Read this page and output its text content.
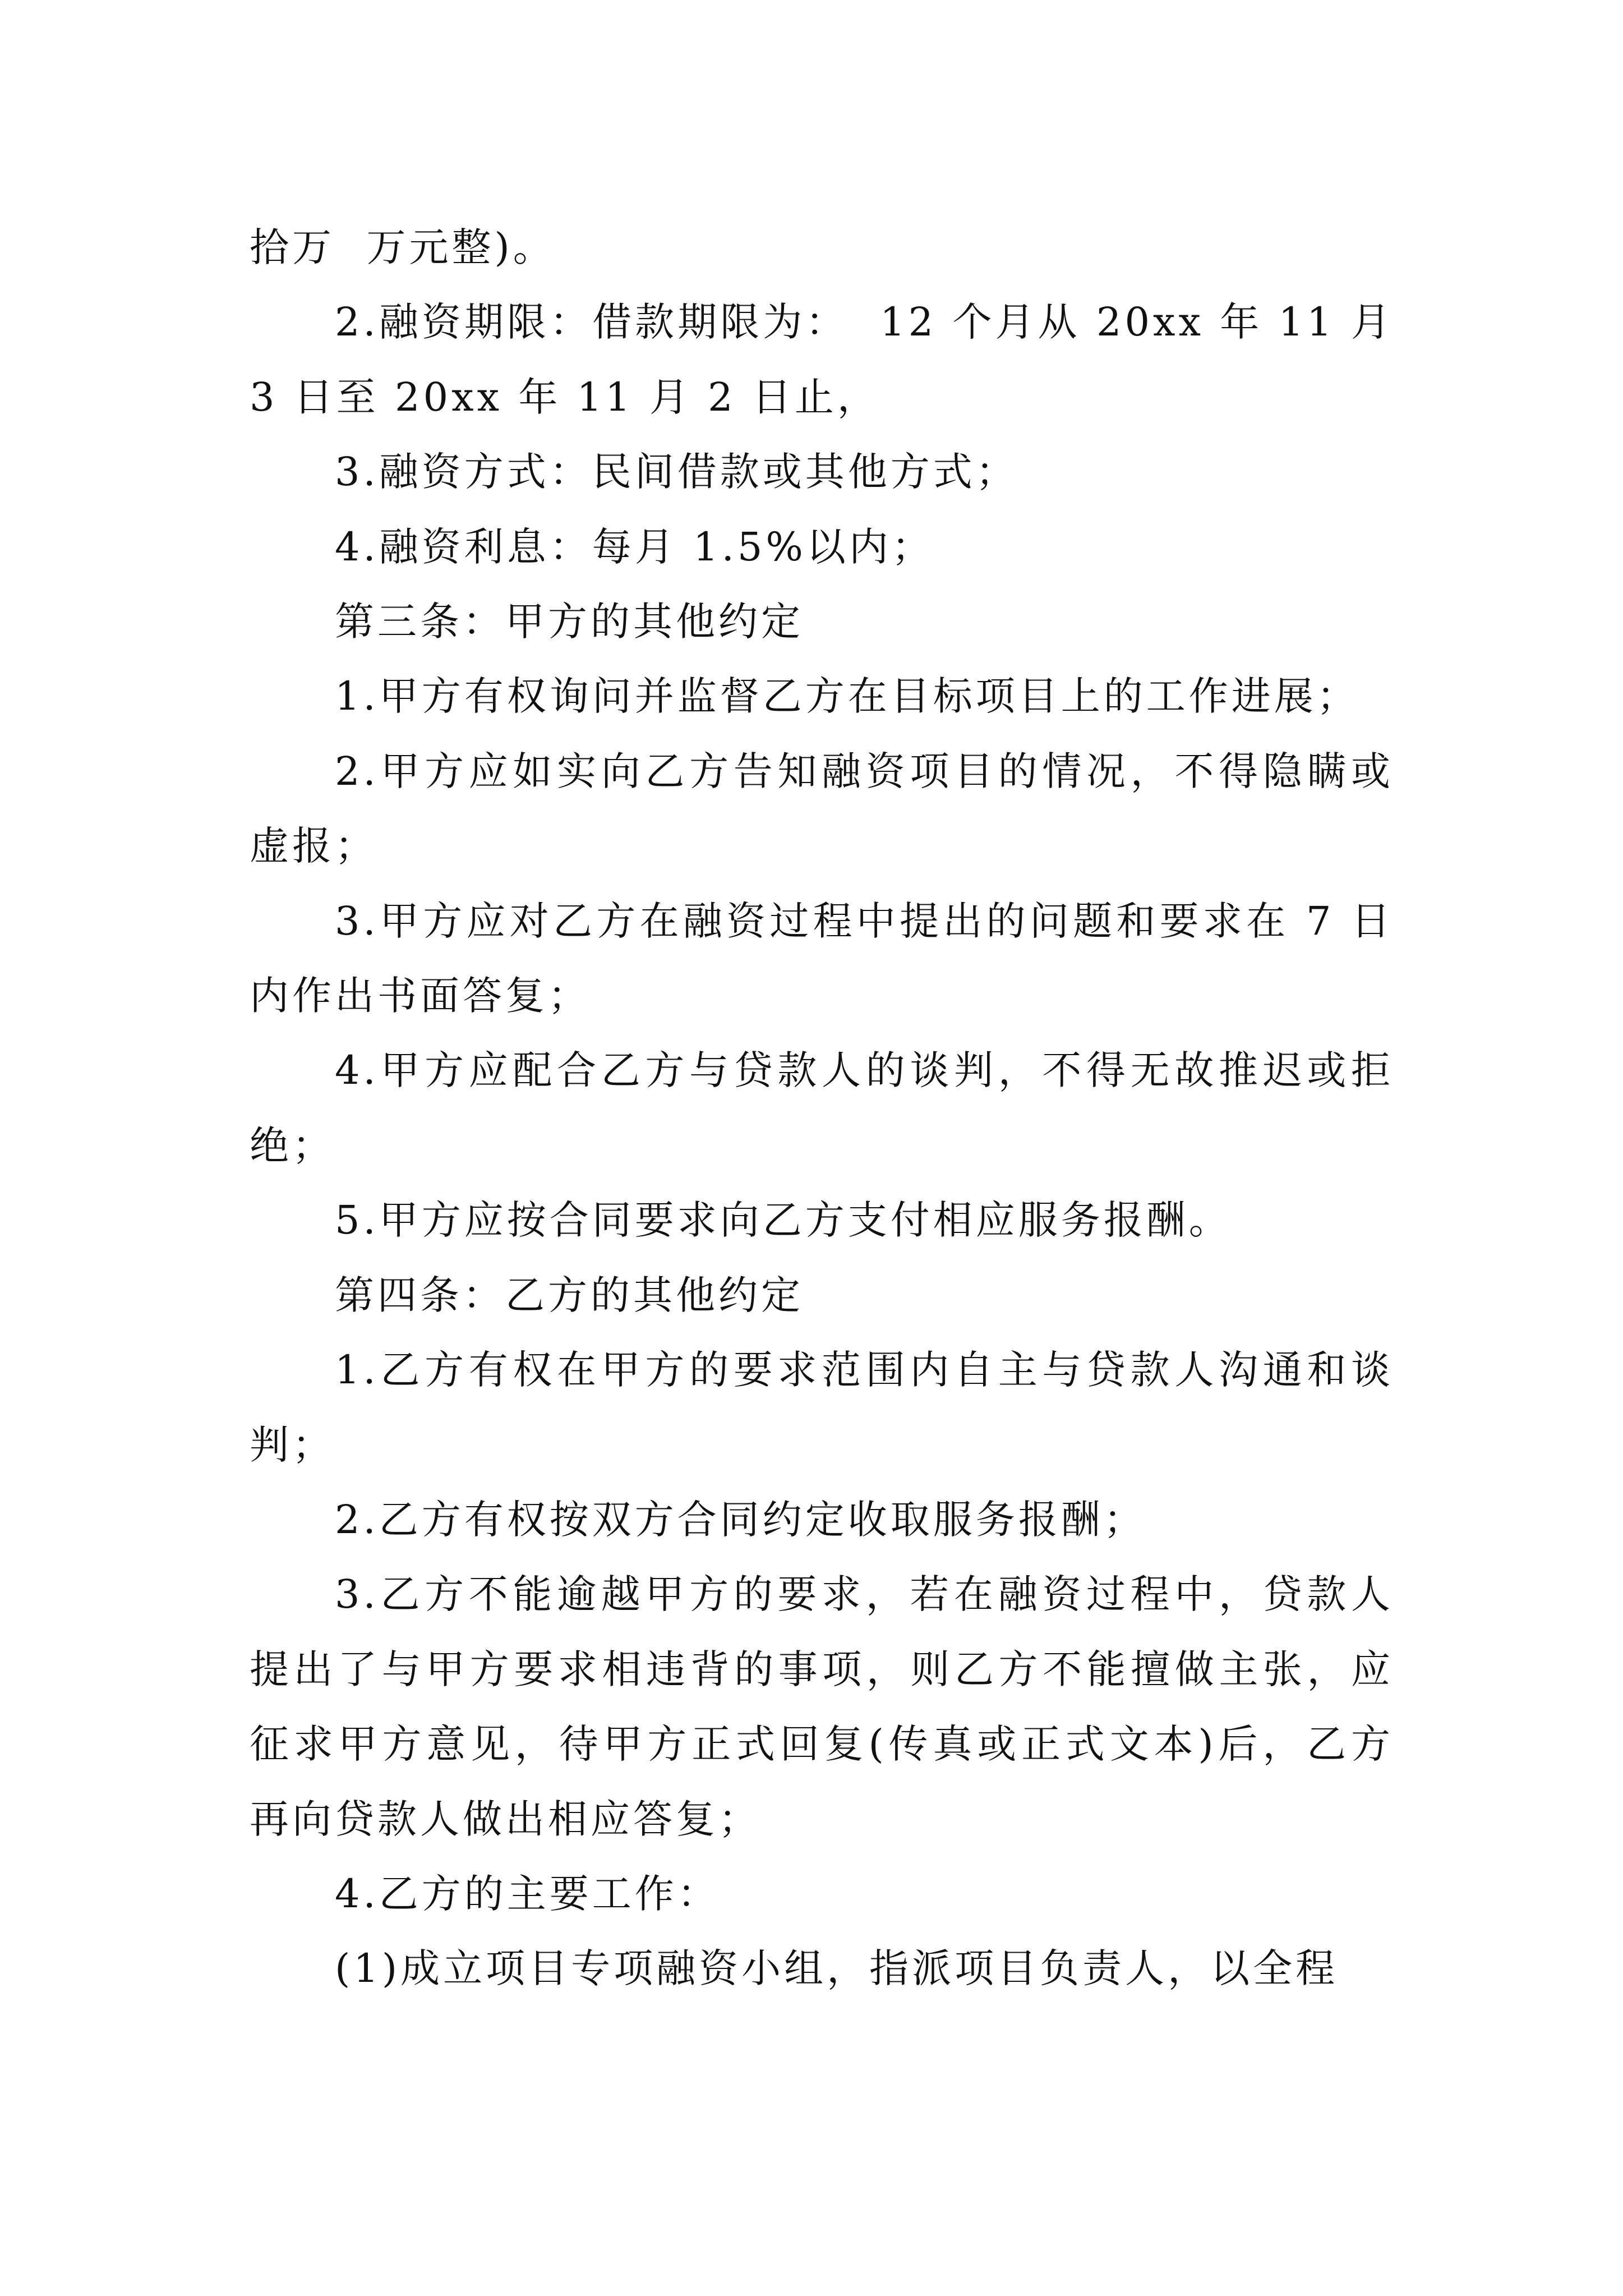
拾万  万元整)。

2.融资期限：借款期限为：  12 个月从 20xx 年 11 月 3 日至 20xx 年 11 月 2 日止，

3.融资方式：民间借款或其他方式；

4.融资利息：每月 1.5%以内；

第三条：甲方的其他约定

1.甲方有权询问并监督乙方在目标项目上的工作进展；

2.甲方应如实向乙方告知融资项目的情况，不得隐瞒或虚报；

3.甲方应对乙方在融资过程中提出的问题和要求在 7 日内作出书面答复；

4.甲方应配合乙方与贷款人的谈判，不得无故推迟或拒绝；

5.甲方应按合同要求向乙方支付相应服务报酬。

第四条：乙方的其他约定

1.乙方有权在甲方的要求范围内自主与贷款人沟通和谈判；

2.乙方有权按双方合同约定收取服务报酬；

3.乙方不能逾越甲方的要求，若在融资过程中，贷款人提出了与甲方要求相违背的事项，则乙方不能擅做主张，应征求甲方意见，待甲方正式回复(传真或正式文本)后，乙方再向贷款人做出相应答复；

4.乙方的主要工作：

(1)成立项目专项融资小组，指派项目负责人，以全程
